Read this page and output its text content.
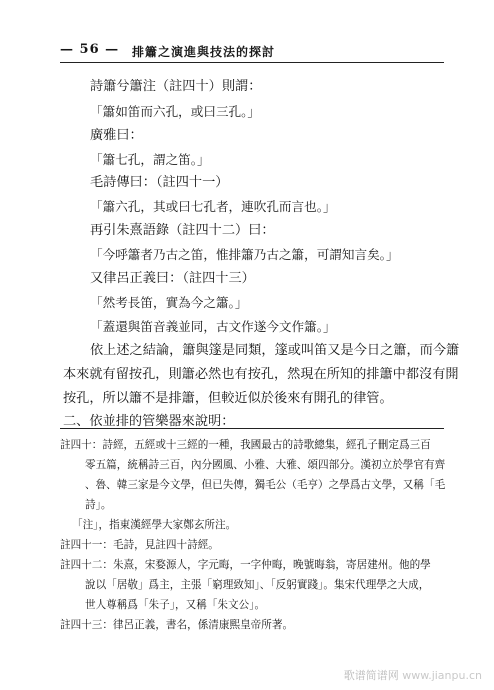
— 56 — 排簫之演進與技法的探討
詩簫兮簫注（註四十）則謂：
「簫如笛而六孔，或曰三孔。」
廣雅曰：
「簫七孔，謂之笛。」
毛詩傳曰：（註四十一）
「簫六孔，其或曰七孔者，連吹孔而言也。」
再引朱熹語錄（註四十二）曰：
「今呼簫者乃古之笛，惟排簫乃古之簫，可謂知言矣。」
又律呂正義曰：（註四十三）
「然考長笛，實為今之簫。」
「蓋還與笛音義並同，古文作遂今文作簫。」
依上述之結論，簫與篴是同類，篴或叫笛又是今日之簫，而今簫
本來就有留按孔，則簫必然也有按孔，然現在所知的排簫中都沒有開
按孔，所以簫不是排簫，但較近似於後來有開孔的律管。
二、依並排的管樂器來說明：
註四十：詩經，五經或十三經的一種，我國最古的詩歌總集，經孔子刪定爲三百
零五篇，統稱詩三百，內分國風、小雅、大雅、頌四部分。漢初立於學官有齊
、魯、韓三家是今文學，但已失傳，獨毛公（毛亨）之學爲古文學，又稱「毛
詩」。
「注」，指東漢經學大家鄭玄所注。
註四十一：毛詩，見註四十詩經。
註四十二：朱熹，宋婺源人，字元晦，一字仲晦，晚號晦翁，寄居建州。他的學
說以「居敬」爲主，主張「窮理致知」、「反躬實踐」。集宋代理學之大成，
世人尊稱爲「朱子」，又稱「朱文公」。
註四十三：律呂正義，書名，係清康熙皇帝所著。
歌谱简谱网 www.jianpu.cn
